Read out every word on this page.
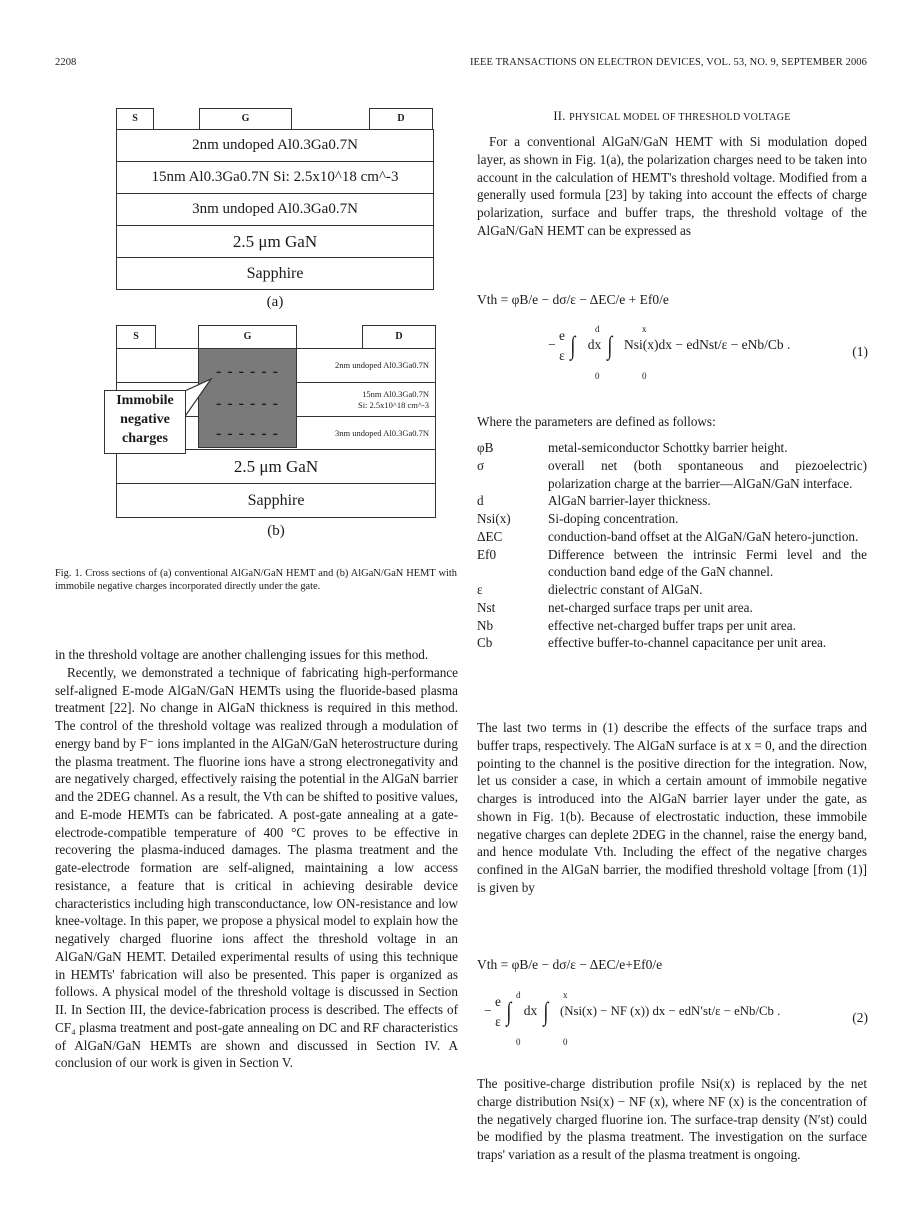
2208	IEEE TRANSACTIONS ON ELECTRON DEVICES, VOL. 53, NO. 9, SEPTEMBER 2006
S	G	D
2nm undoped Al0.3Ga0.7N
15nm Al0.3Ga0.7N Si: 2.5x10^18 cm^-3
3nm undoped Al0.3Ga0.7N
2.5 μm GaN
Sapphire
(a)
S	G	D
2nm undoped Al0.3Ga0.7N
15nm Al0.3Ga0.7N
Si: 2.5x10^18 cm^-3
3nm undoped Al0.3Ga0.7N
2.5 μm GaN
Sapphire
- - - - - -
- - - - - -
- - - - - -
Immobile
negative
charges
(b)
Fig. 1. Cross sections of (a) conventional AlGaN/GaN HEMT and (b) AlGaN/GaN HEMT with immobile negative charges incorporated directly under the gate.

in the threshold voltage are another challenging issues for this method.

Recently, we demonstrated a technique of fabricating high-performance self-aligned E-mode AlGaN/GaN HEMTs using the fluoride-based plasma treatment [22]. No change in AlGaN thickness is required in this method. The control of the threshold voltage was realized through a modulation of energy band by F⁻ ions implanted in the AlGaN/GaN heterostructure during the plasma treatment. The fluorine ions have a strong electronegativity and are negatively charged, effectively raising the potential in the AlGaN barrier and the 2DEG channel. As a result, the Vth can be shifted to positive values, and E-mode HEMTs can be fabricated. A post-gate annealing at a gate-electrode-compatible temperature of 400 °C proves to be effective in recovering the plasma-induced damages. The plasma treatment and the gate-electrode formation are self-aligned, maintaining a low access resistance, a feature that is critical in achieving desirable device characteristics including high transconductance, low ON-resistance and low knee-voltage. In this paper, we propose a physical model to explain how the negatively charged fluorine ions affect the threshold voltage in an AlGaN/GaN HEMT. Detailed experimental results of using this technique in HEMTs' fabrication will also be presented. This paper is organized as follows. A physical model of the threshold voltage is discussed in Section II. In Section III, the device-fabrication process is described. The effects of CF₄ plasma treatment and post-gate annealing on DC and RF characteristics of AlGaN/GaN HEMTs are shown and discussed in Section IV. A conclusion of our work is given in Section V.

II. PHYSICAL MODEL OF THRESHOLD VOLTAGE
For a conventional AlGaN/GaN HEMT with Si modulation doped layer, as shown in Fig. 1(a), the polarization charges need to be taken into account in the calculation of HEMT's threshold voltage. Modified from a generally used formula [23] by taking into account the effects of charge polarization, surface and buffer traps, the threshold voltage of the AlGaN/GaN HEMT can be expressed as
Vth = φB/e − dσ/ε − ΔEC/e + Ef0/e
− e
ε ∫
d
0
dx ∫
x
0
Nsi(x)dx − edNst/ε − eNb/Cb .	(1)
Where the parameters are defined as follows:
φB	metal-semiconductor Schottky barrier height.
σ	overall net (both spontaneous and piezoelectric) polarization charge at the barrier—AlGaN/GaN interface.
d	AlGaN barrier-layer thickness.
Nsi(x)	Si-doping concentration.
ΔEC	conduction-band offset at the AlGaN/GaN hetero-junction.
Ef0	Difference between the intrinsic Fermi level and the conduction band edge of the GaN channel.
ε	dielectric constant of AlGaN.
Nst	net-charged surface traps per unit area.
Nb	effective net-charged buffer traps per unit area.
Cb	effective buffer-to-channel capacitance per unit area.
The last two terms in (1) describe the effects of the surface traps and buffer traps, respectively. The AlGaN surface is at x = 0, and the direction pointing to the channel is the positive direction for the integration. Now, let us consider a case, in which a certain amount of immobile negative charges is introduced into the AlGaN barrier layer under the gate, as shown in Fig. 1(b). Because of electrostatic induction, these immobile negative charges can deplete 2DEG in the channel, raise the energy band, and hence modulate Vth. Including the effect of the negative charges confined in the AlGaN barrier, the modified threshold voltage [from (1)] is given by
Vth = φB/e − dσ/ε − ΔEC/e+Ef0/e
− e
ε ∫
d
0
dx ∫
x
0
(Nsi(x) − NF (x)) dx − edN′st/ε − eNb/Cb .	(2)
The positive-charge distribution profile Nsi(x) is replaced by the net charge distribution Nsi(x) − NF (x), where NF (x) is the concentration of the negatively charged fluorine ion. The surface-trap density (N′st) could be modified by the plasma treatment. The investigation on the surface traps' variation as a result of the plasma treatment is ongoing.
